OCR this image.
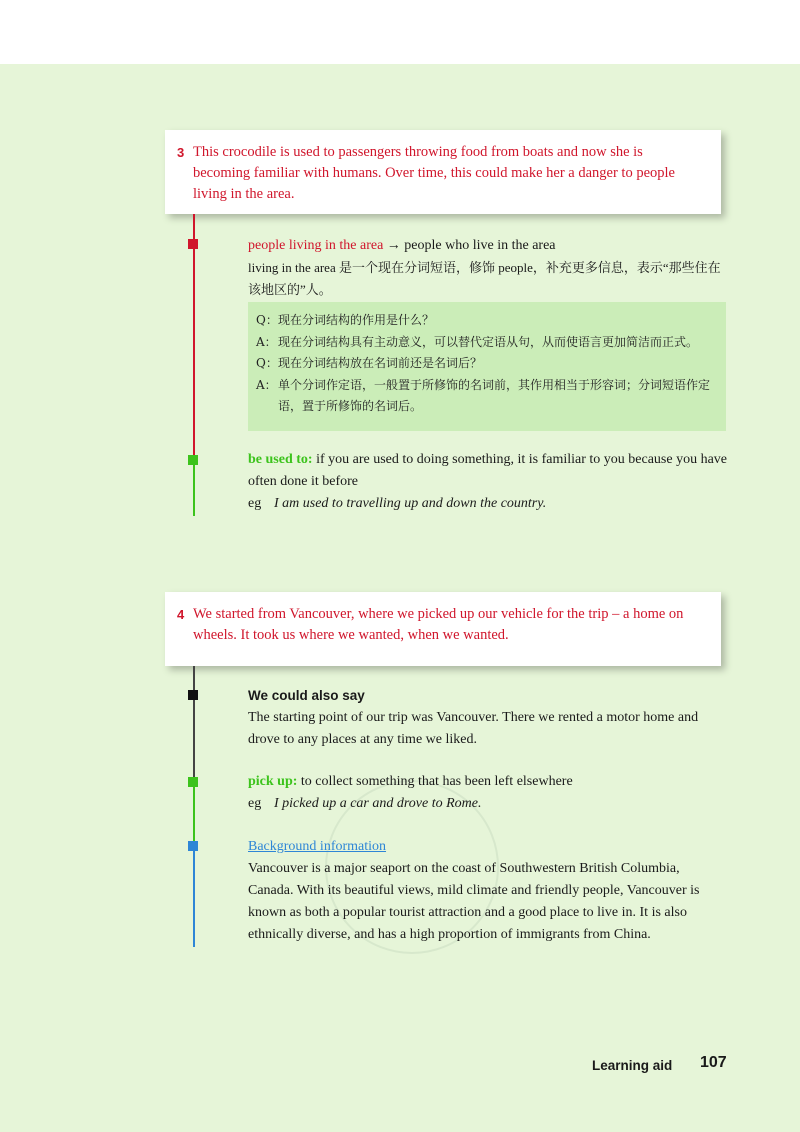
3 This crocodile is used to passengers throwing food from boats and now she is becoming familiar with humans. Over time, this could make her a danger to people living in the area.

people living in the area → people who live in the area

living in the area 是一个现在分词短语，修饰 people，补充更多信息，表示“那些住在该地区的”人。

Q： 现在分词结构的作用是什么？
A： 现在分词结构具有主动意义，可以替代定语从句，从而使语言更加简洁而正式。
Q： 现在分词结构放在名词前还是名词后？
A： 单个分词作定语，一般置于所修饰的名词前，其作用相当于形容词；分词短语作定语，置于所修饰的名词后。

be used to: if you are used to doing something, it is familiar to you because you have often done it before

eg I am used to travelling up and down the country.

4 We started from Vancouver, where we picked up our vehicle for the trip – a home on wheels. It took us where we wanted, when we wanted.

We could also say

The starting point of our trip was Vancouver. There we rented a motor home and drove to any places at any time we liked.

pick up: to collect something that has been left elsewhere

eg I picked up a car and drove to Rome.

Background information

Vancouver is a major seaport on the coast of Southwestern British Columbia, Canada. With its beautiful views, mild climate and friendly people, Vancouver is known as both a popular tourist attraction and a good place to live in. It is also ethnically diverse, and has a high proportion of immigrants from China.

Learning aid 107
